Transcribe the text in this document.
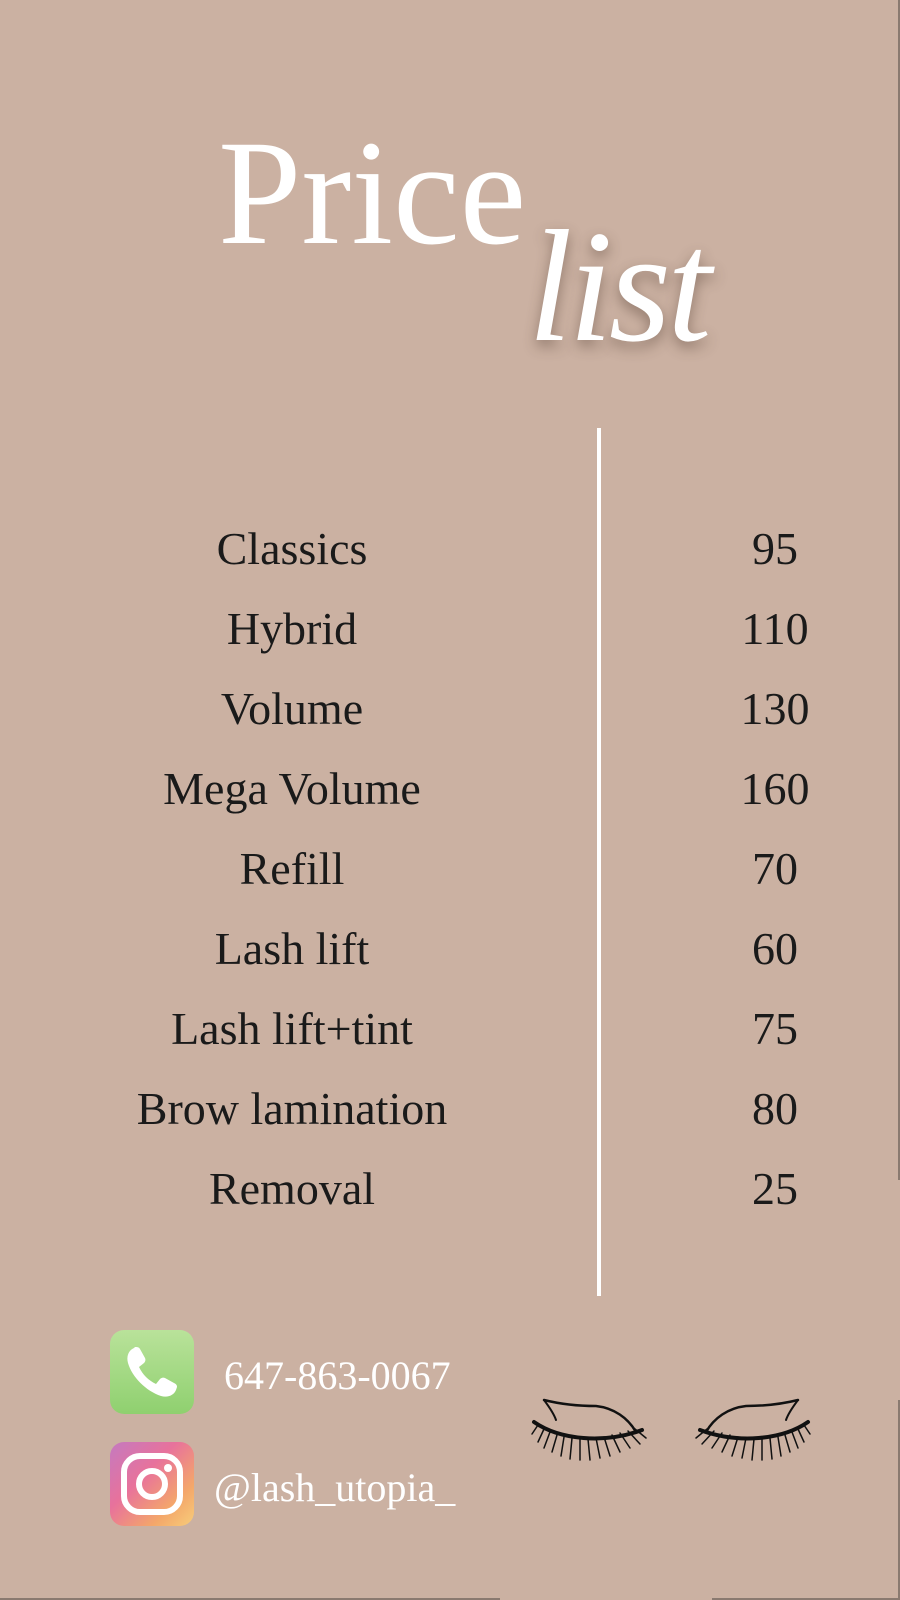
Price
list
Classics	95
Hybrid	110
Volume	130
Mega Volume	160
Refill	70
Lash lift	60
Lash lift+tint	75
Brow lamination	80
Removal	25
647-863-0067
@lash_utopia_
